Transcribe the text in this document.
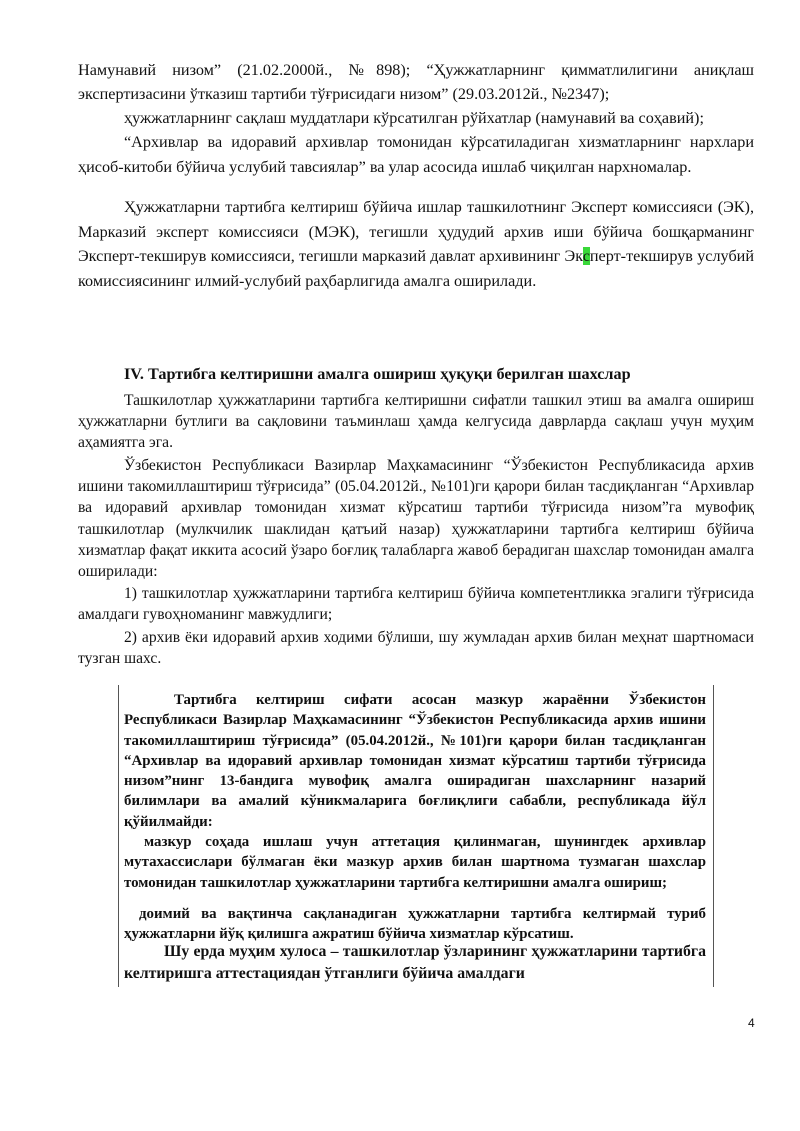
Намунавий низом” (21.02.2000й., №898); “Ҳужжатларнинг қимматлилигини аниқлаш экспертизасини ўтказиш тартиби тўғрисидаги низом” (29.03.2012й., №2347);

ҳужжатларнинг сақлаш муддатлари кўрсатилган рўйхатлар (намунавий ва соҳавий);

“Архивлар ва идоравий архивлар томонидан кўрсатиладиган хизматларнинг нархлари ҳисоб-китоби бўйича услубий тавсиялар” ва улар асосида ишлаб чиқилган нархномалар.

Ҳужжатларни тартибга келтириш бўйича ишлар ташкилотнинг Эксперт комиссияси (ЭК), Марказий эксперт комиссияси (МЭК), тегишли ҳудудий архив иши бўйича бошқарманинг Эксперт-текширув комиссияси, тегишли марказий давлат архивининг Эксперт-текширув услубий комиссиясининг илмий-услубий раҳбарлигида амалга оширилади.

IV. Тартибга келтиришни амалга ошириш ҳуқуқи берилган шахслар

Ташкилотлар ҳужжатларини тартибга келтиришни сифатли ташкил этиш ва амалга ошириш ҳужжатларни бутлиги ва сақловини таъминлаш ҳамда келгусида даврларда сақлаш учун муҳим аҳамиятга эга.

Ўзбекистон Республикаси Вазирлар Маҳкамасининг “Ўзбекистон Республикасида архив ишини такомиллаштириш тўғрисида” (05.04.2012й., №101)ги қарори билан тасдиқланган “Архивлар ва идоравий архивлар томонидан хизмат кўрсатиш тартиби тўғрисида низом”га мувофиқ ташкилотлар (мулкчилик шаклидан қатъий назар) ҳужжатларини тартибга келтириш бўйича хизматлар фақат иккита асосий ўзаро боғлиқ талабларга жавоб берадиган шахслар томонидан амалга оширилади:

1) ташкилотлар ҳужжатларини тартибга келтириш бўйича компетентликка эгалиги тўғрисида амалдаги гувоҳноманинг мавжудлиги;

2) архив ёки идоравий архив ходими бўлиши, шу жумладан архив билан меҳнат шартномаси тузган шахс.

Тартибга келтириш сифати асосан мазкур жараённи Ўзбекистон Республикаси Вазирлар Маҳкамасининг “Ўзбекистон Республикасида архив ишини такомиллаштириш тўғрисида” (05.04.2012й., №101)ги қарори билан тасдиқланган “Архивлар ва идоравий архивлар томонидан хизмат кўрсатиш тартиби тўғрисида низом”нинг 13-бандига мувофиқ амалга оширадиган шахсларнинг назарий билимлари ва амалий кўникмаларига боғлиқлиги сабабли, республикада йўл қўйилмайди:

мазкур соҳада ишлаш учун аттетация қилинмаган, шунингдек архивлар мутахассислари бўлмаган ёки мазкур архив билан шартнома тузмаган шахслар томонидан ташкилотлар ҳужжатларини тартибга келтиришни амалга ошириш;

доимий ва вақтинча сақланадиган ҳужжатларни тартибга келтирмай туриб ҳужжатларни йўқ қилишга ажратиш бўйича хизматлар кўрсатиш.

Шу ерда муҳим хулоса – ташкилотлар ўзларининг ҳужжатларини тартибга келтиришга аттестациядан ўтганлиги бўйича амалдаги

4
